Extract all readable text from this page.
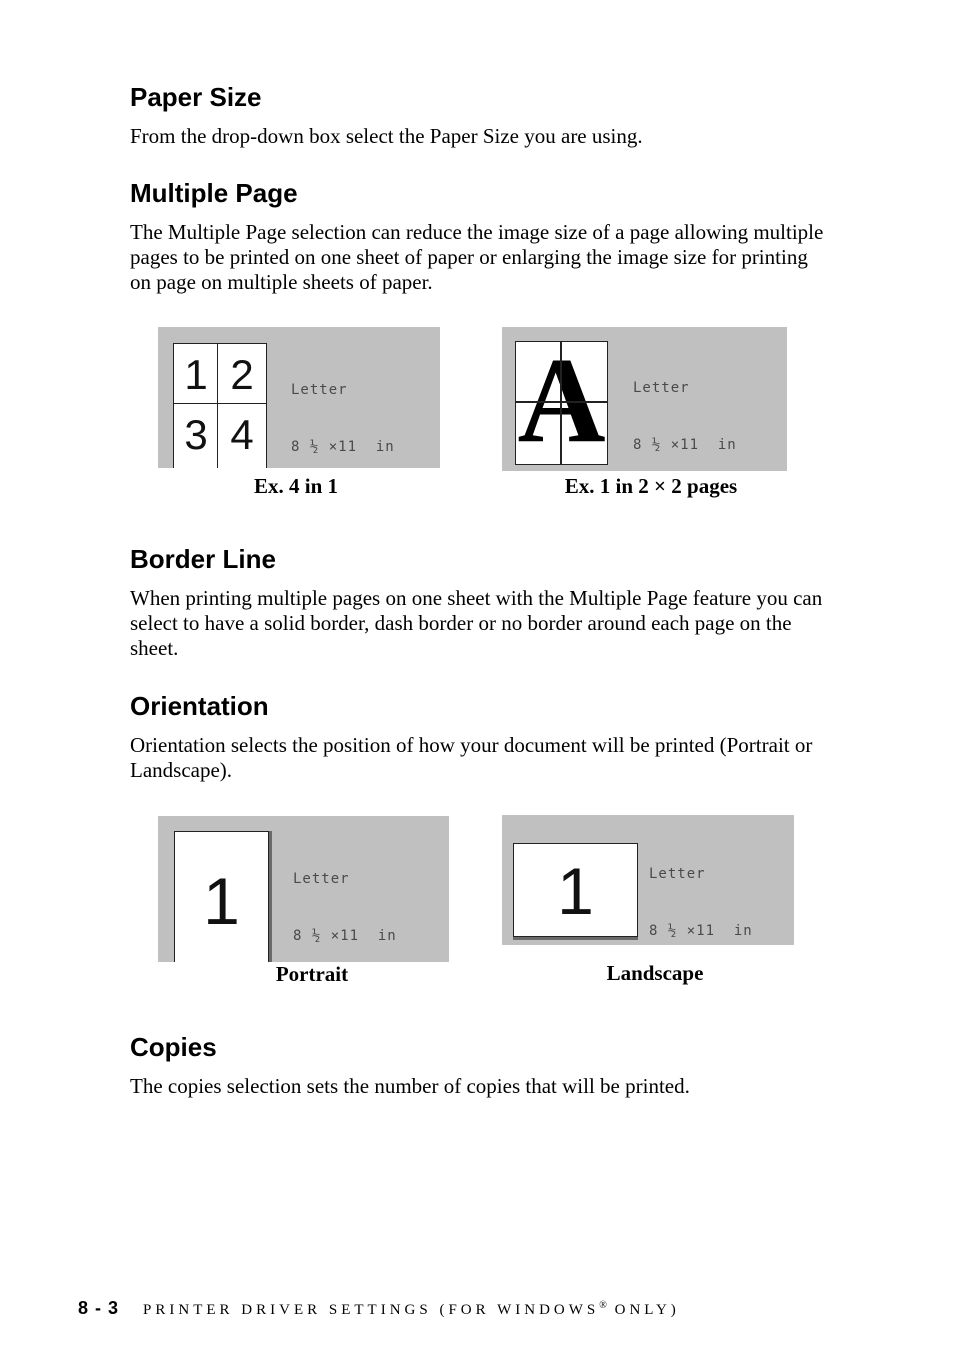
Paper Size

From the drop-down box select the Paper Size you are using.

Multiple Page

The Multiple Page selection can reduce the image size of a page allowing multiple pages to be printed on one sheet of paper or enlarging the image size for printing on page on multiple sheets of paper.

1 2
3 4

Letter

8 ½ ×11  in

Ex. 4 in 1

Letter

8 ½ ×11  in

Ex. 1 in 2 × 2 pages

Border Line

When printing multiple pages on one sheet with the Multiple Page feature you can select to have a solid border, dash border or no border around each page on the sheet.

Orientation

Orientation selects the position of how your document will be printed (Portrait or Landscape).

1

	Letter

8 ½ ×11  in

Portrait

1

	Letter

8 ½ ×11  in

Landscape

Copies

The copies selection sets the number of copies that will be printed.

8 - 3 PRINTER DRIVER SETTINGS (FOR WINDOWS® ONLY)
